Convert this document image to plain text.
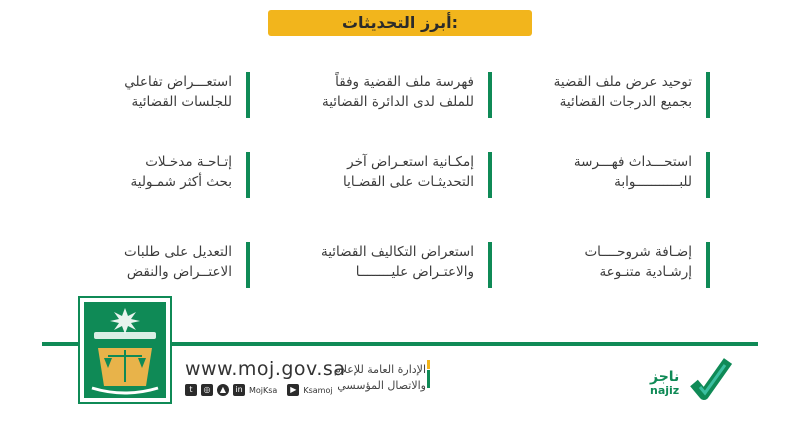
أبرز التحديثات:
توحيد عرض ملف القضية
بجميع الدرجات القضائية
فهرسة ملف القضية وفقاً
للملف لدى الدائرة القضائية
استعـــراض تفاعلي
للجلسات القضائية
استحـــداث فهـــرسة
للبـــــــــــوابة
إمكـانية استعـراض آخر
التحديثـات على القضـايا
إتـاحـة مدخـلات
بحث أكثر شمـولية
إضـافة شروحــــات
إرشـادية متنـوعة
استعراض التكاليف القضائية
والاعتـراض عليــــــــا
التعديل على طلبات
الاعتــراض والنقض
www.moj.gov.sa
t	◎	▲	in MojKsa	▶ Ksamoj
الإدارة العامة للإعلام
والاتصال المؤسسي
ناجز
najiz
